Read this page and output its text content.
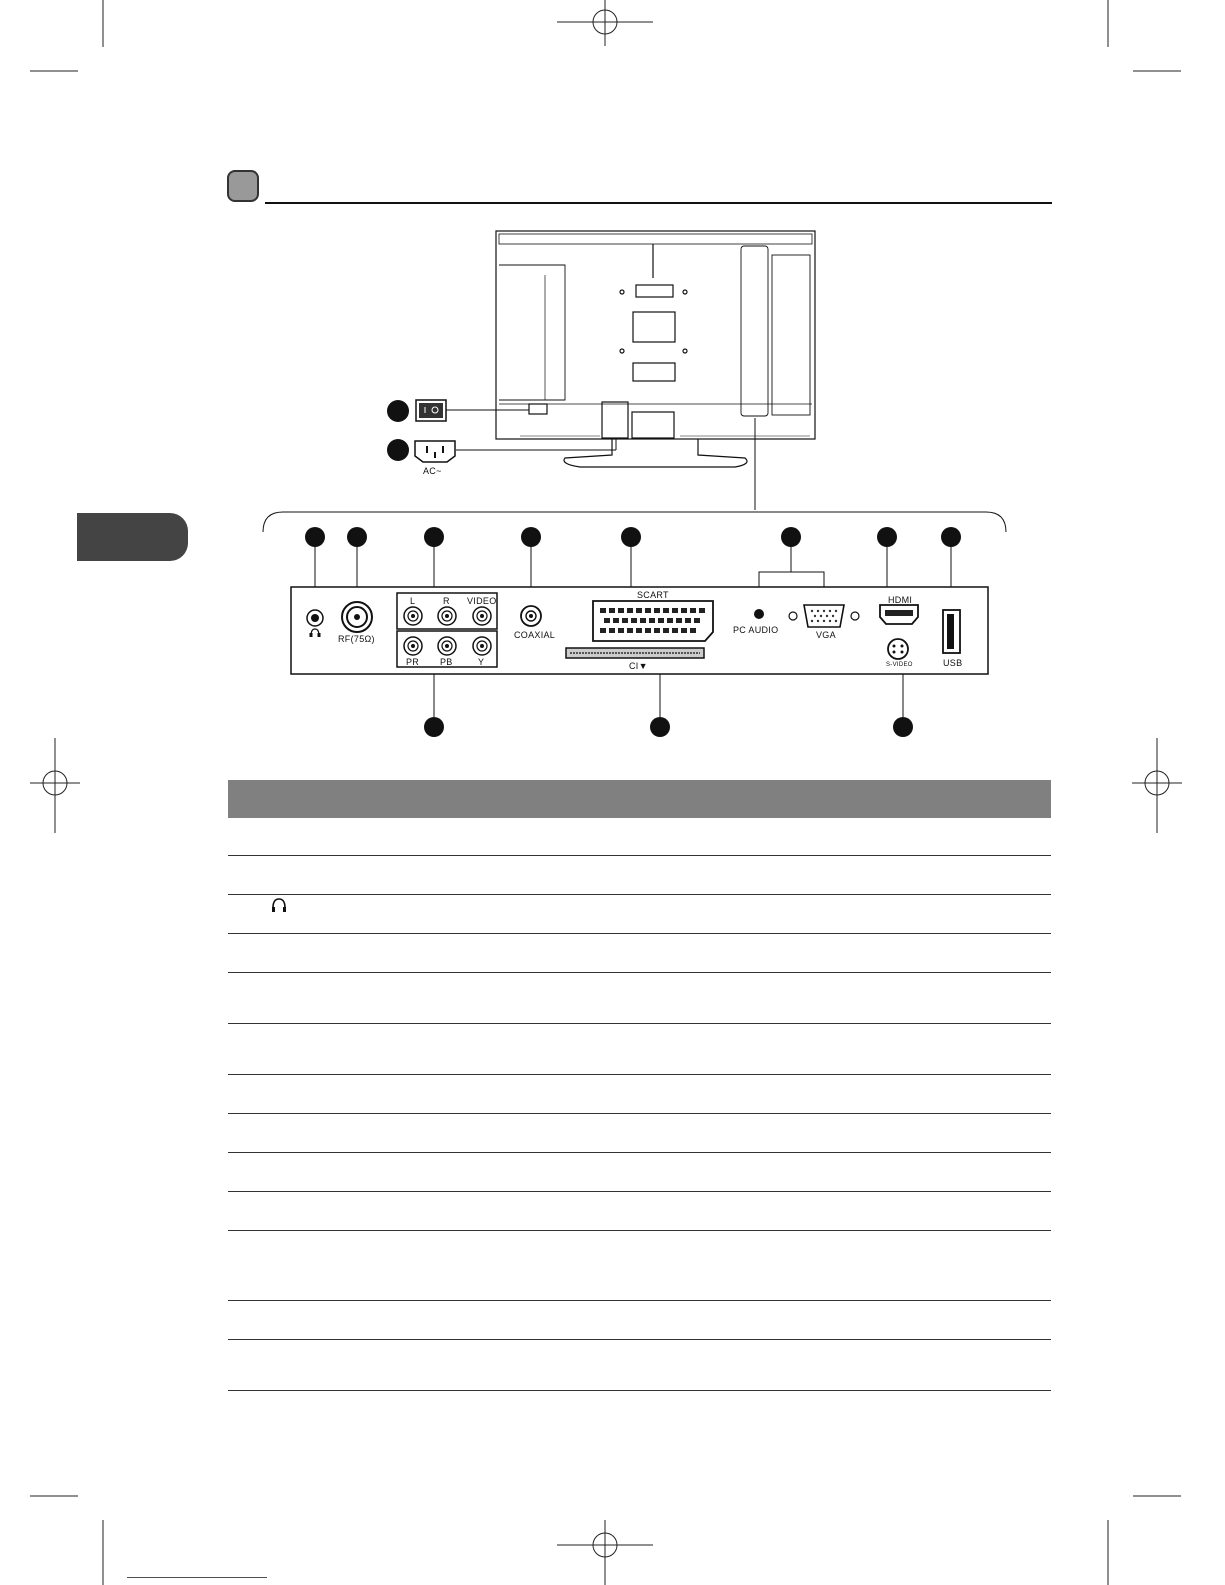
AC~
RF(75Ω)
L	R VIDEO
PR PB	Y
COAXIAL
SCART
CI▼
PC AUDIO	VGA
HDMI
S-VIDEO	USB
